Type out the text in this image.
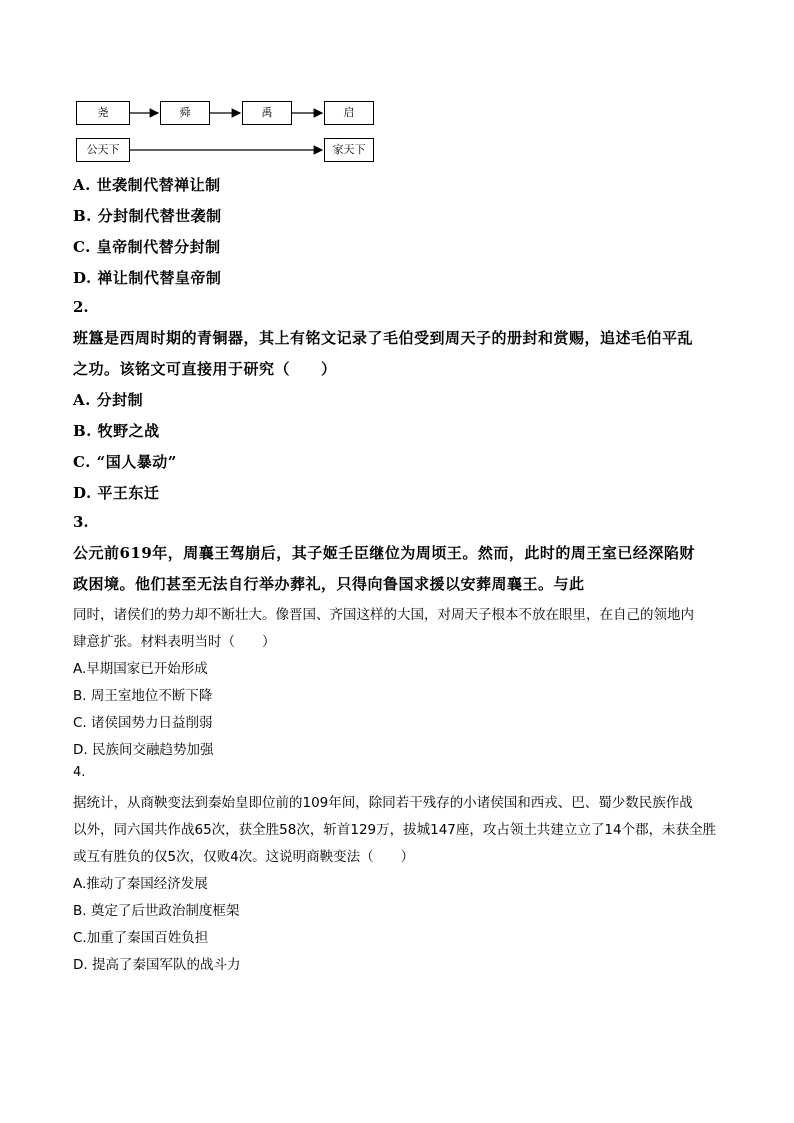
尧	舜	禹	启
公天下	家天下
A. 世袭制代替禅让制
B. 分封制代替世袭制
C. 皇帝制代替分封制
D. 禅让制代替皇帝制
2.
班簋是西周时期的青铜器，其上有铭文记录了毛伯受到周天子的册封和赏赐，追述毛伯平乱
之功。该铭文可直接用于研究（　　）
A. 分封制
B. 牧野之战
C. “国人暴动”
D. 平王东迁
3.
公元前619年，周襄王驾崩后，其子姬壬臣继位为周顷王。然而，此时的周王室已经深陷财
政困境。他们甚至无法自行举办葬礼，只得向鲁国求援以安葬周襄王。与此
同时，诸侯们的势力却不断壮大。像晋国、齐国这样的大国，对周天子根本不放在眼里，在自己的领地内
肆意扩张。材料表明当时（　　）
A.早期国家已开始形成
B. 周王室地位不断下降
C. 诸侯国势力日益削弱
D. 民族间交融趋势加强
4.
据统计，从商鞅变法到秦始皇即位前的109年间，除同若干残存的小诸侯国和西戎、巴、蜀少数民族作战
以外，同六国共作战65次，获全胜58次，斩首129万，拔城147座，攻占领土共建立立了14个郡，未获全胜
或互有胜负的仅5次，仅败4次。这说明商鞅变法（　　）
A.推动了秦国经济发展
B. 奠定了后世政治制度框架
C.加重了秦国百姓负担
D. 提高了秦国军队的战斗力
